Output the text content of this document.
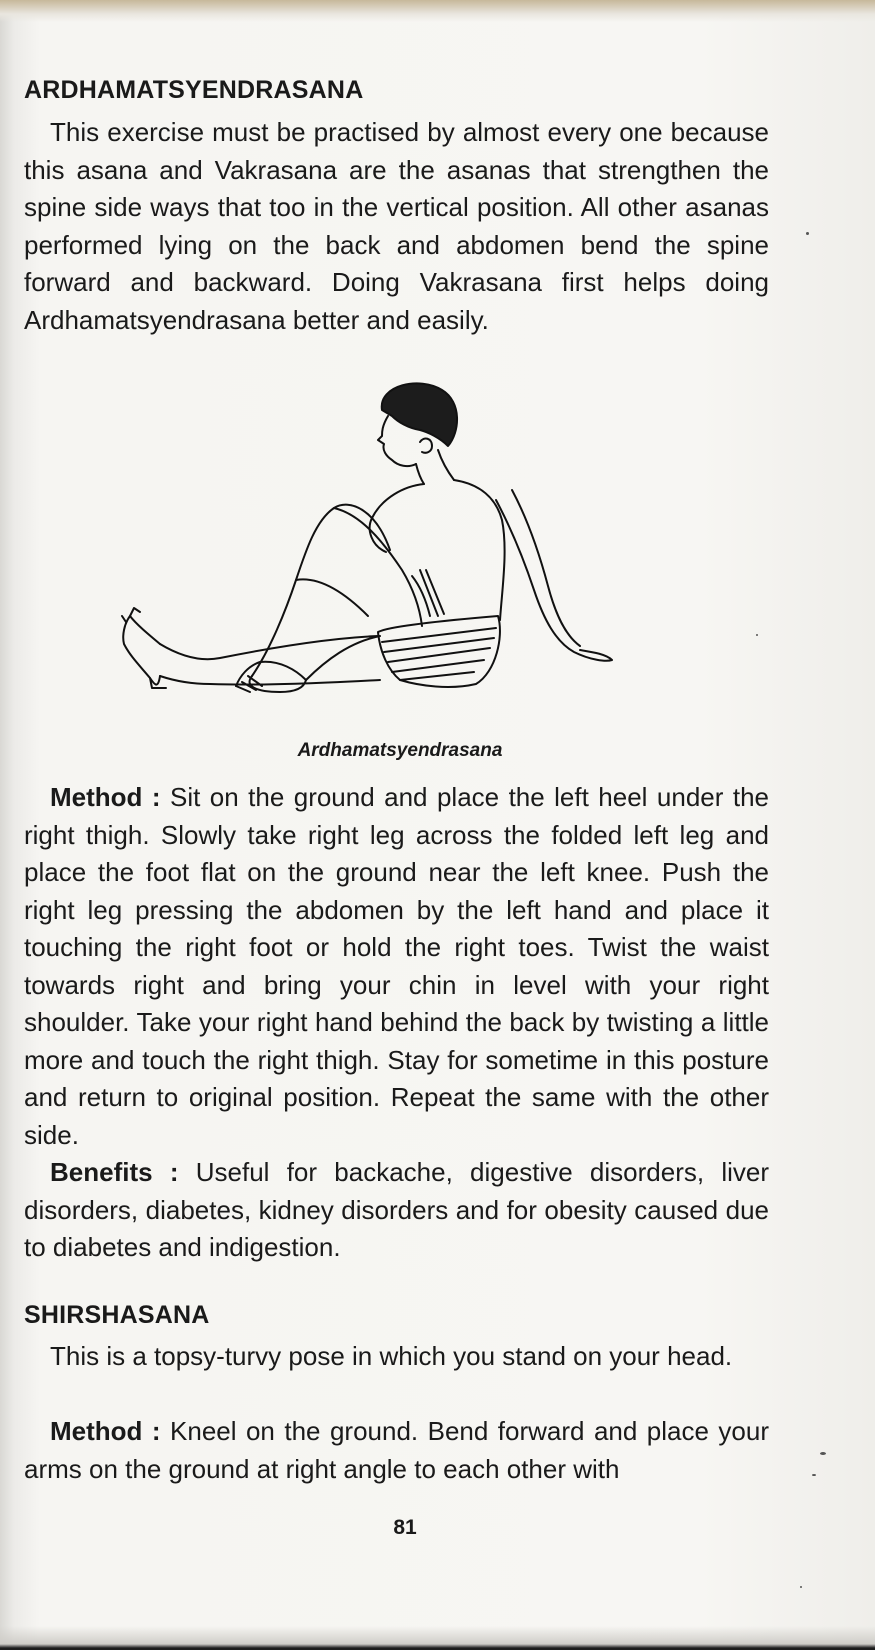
ARDHAMATSYENDRASANA

This exercise must be practised by almost every one because this asana and Vakrasana are the asanas that strengthen the spine side ways that too in the vertical position. All other asanas performed lying on the back and abdomen bend the spine forward and backward. Doing Vakrasana first helps doing Ardhamatsyendrasana better and easily.

Ardhamatsyendrasana

Method : Sit on the ground and place the left heel under the right thigh. Slowly take right leg across the folded left leg and place the foot flat on the ground near the left knee. Push the right leg pressing the abdomen by the left hand and place it touching the right foot or hold the right toes. Twist the waist towards right and bring your chin in level with your right shoulder. Take your right hand behind the back by twisting a little more and touch the right thigh. Stay for sometime in this posture and return to original position. Repeat the same with the other side.

Benefits : Useful for backache, digestive disorders, liver disorders, diabetes, kidney disorders and for obesity caused due to diabetes and indigestion.

SHIRSHASANA

This is a topsy-turvy pose in which you stand on your head.

Method : Kneel on the ground. Bend forward and place your arms on the ground at right angle to each other with

81
